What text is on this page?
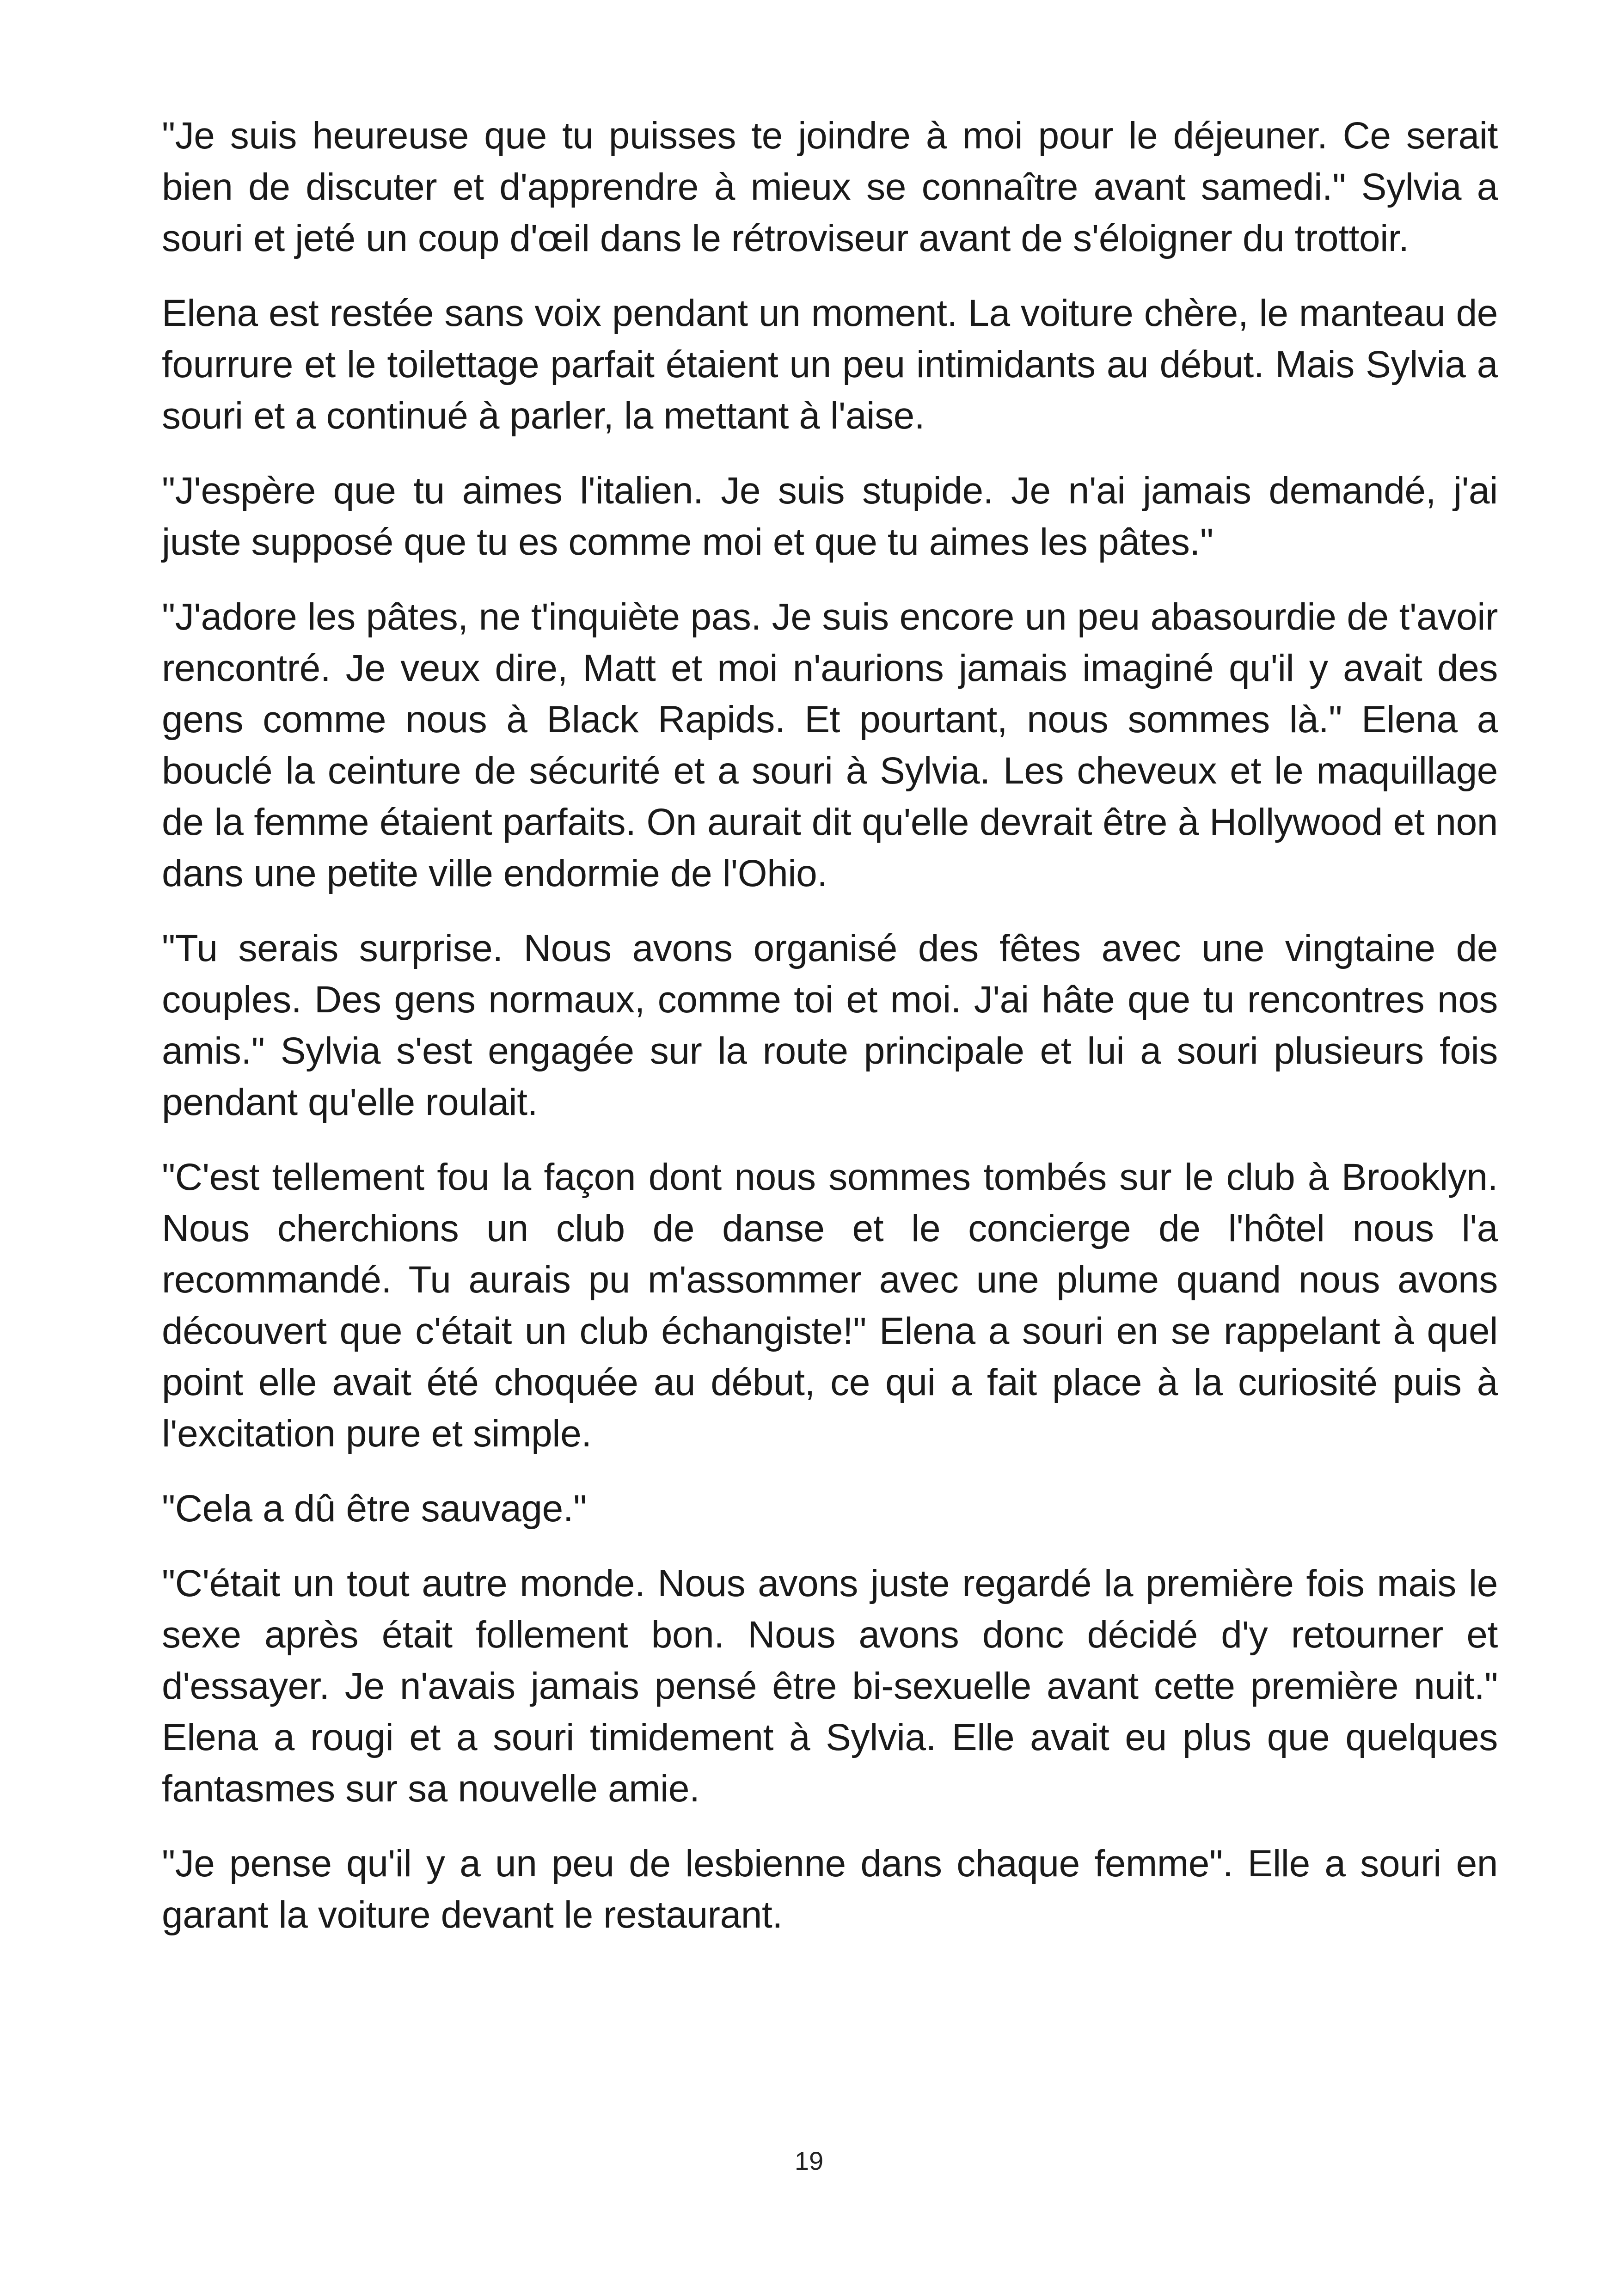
"Je suis heureuse que tu puisses te joindre à moi pour le déjeuner. Ce serait bien de discuter et d'apprendre à mieux se connaître avant samedi." Sylvia a souri et jeté un coup d'œil dans le rétroviseur avant de s'éloigner du trottoir.

Elena est restée sans voix pendant un moment. La voiture chère, le manteau de fourrure et le toilettage parfait étaient un peu intimidants au début. Mais Sylvia a souri et a continué à parler, la mettant à l'aise.

"J'espère que tu aimes l'italien. Je suis stupide. Je n'ai jamais demandé, j'ai juste supposé que tu es comme moi et que tu aimes les pâtes."

"J'adore les pâtes, ne t'inquiète pas. Je suis encore un peu abasourdie de t'avoir rencontré. Je veux dire, Matt et moi n'aurions jamais imaginé qu'il y avait des gens comme nous à Black Rapids. Et pourtant, nous sommes là." Elena a bouclé la ceinture de sécurité et a souri à Sylvia. Les cheveux et le maquillage de la femme étaient parfaits. On aurait dit qu'elle devrait être à Hollywood et non dans une petite ville endormie de l'Ohio.

"Tu serais surprise. Nous avons organisé des fêtes avec une vingtaine de couples. Des gens normaux, comme toi et moi. J'ai hâte que tu rencontres nos amis." Sylvia s'est engagée sur la route principale et lui a souri plusieurs fois pendant qu'elle roulait.

"C'est tellement fou la façon dont nous sommes tombés sur le club à Brooklyn. Nous cherchions un club de danse et le concierge de l'hôtel nous l'a recommandé. Tu aurais pu m'assommer avec une plume quand nous avons découvert que c'était un club échangiste!" Elena a souri en se rappelant à quel point elle avait été choquée au début, ce qui a fait place à la curiosité puis à l'excitation pure et simple.

"Cela a dû être sauvage."

"C'était un tout autre monde. Nous avons juste regardé la première fois mais le sexe après était follement bon. Nous avons donc décidé d'y retourner et d'essayer. Je n'avais jamais pensé être bi-sexuelle avant cette première nuit." Elena a rougi et a souri timidement à Sylvia. Elle avait eu plus que quelques fantasmes sur sa nouvelle amie.

"Je pense qu'il y a un peu de lesbienne dans chaque femme". Elle a souri en garant la voiture devant le restaurant.

19
